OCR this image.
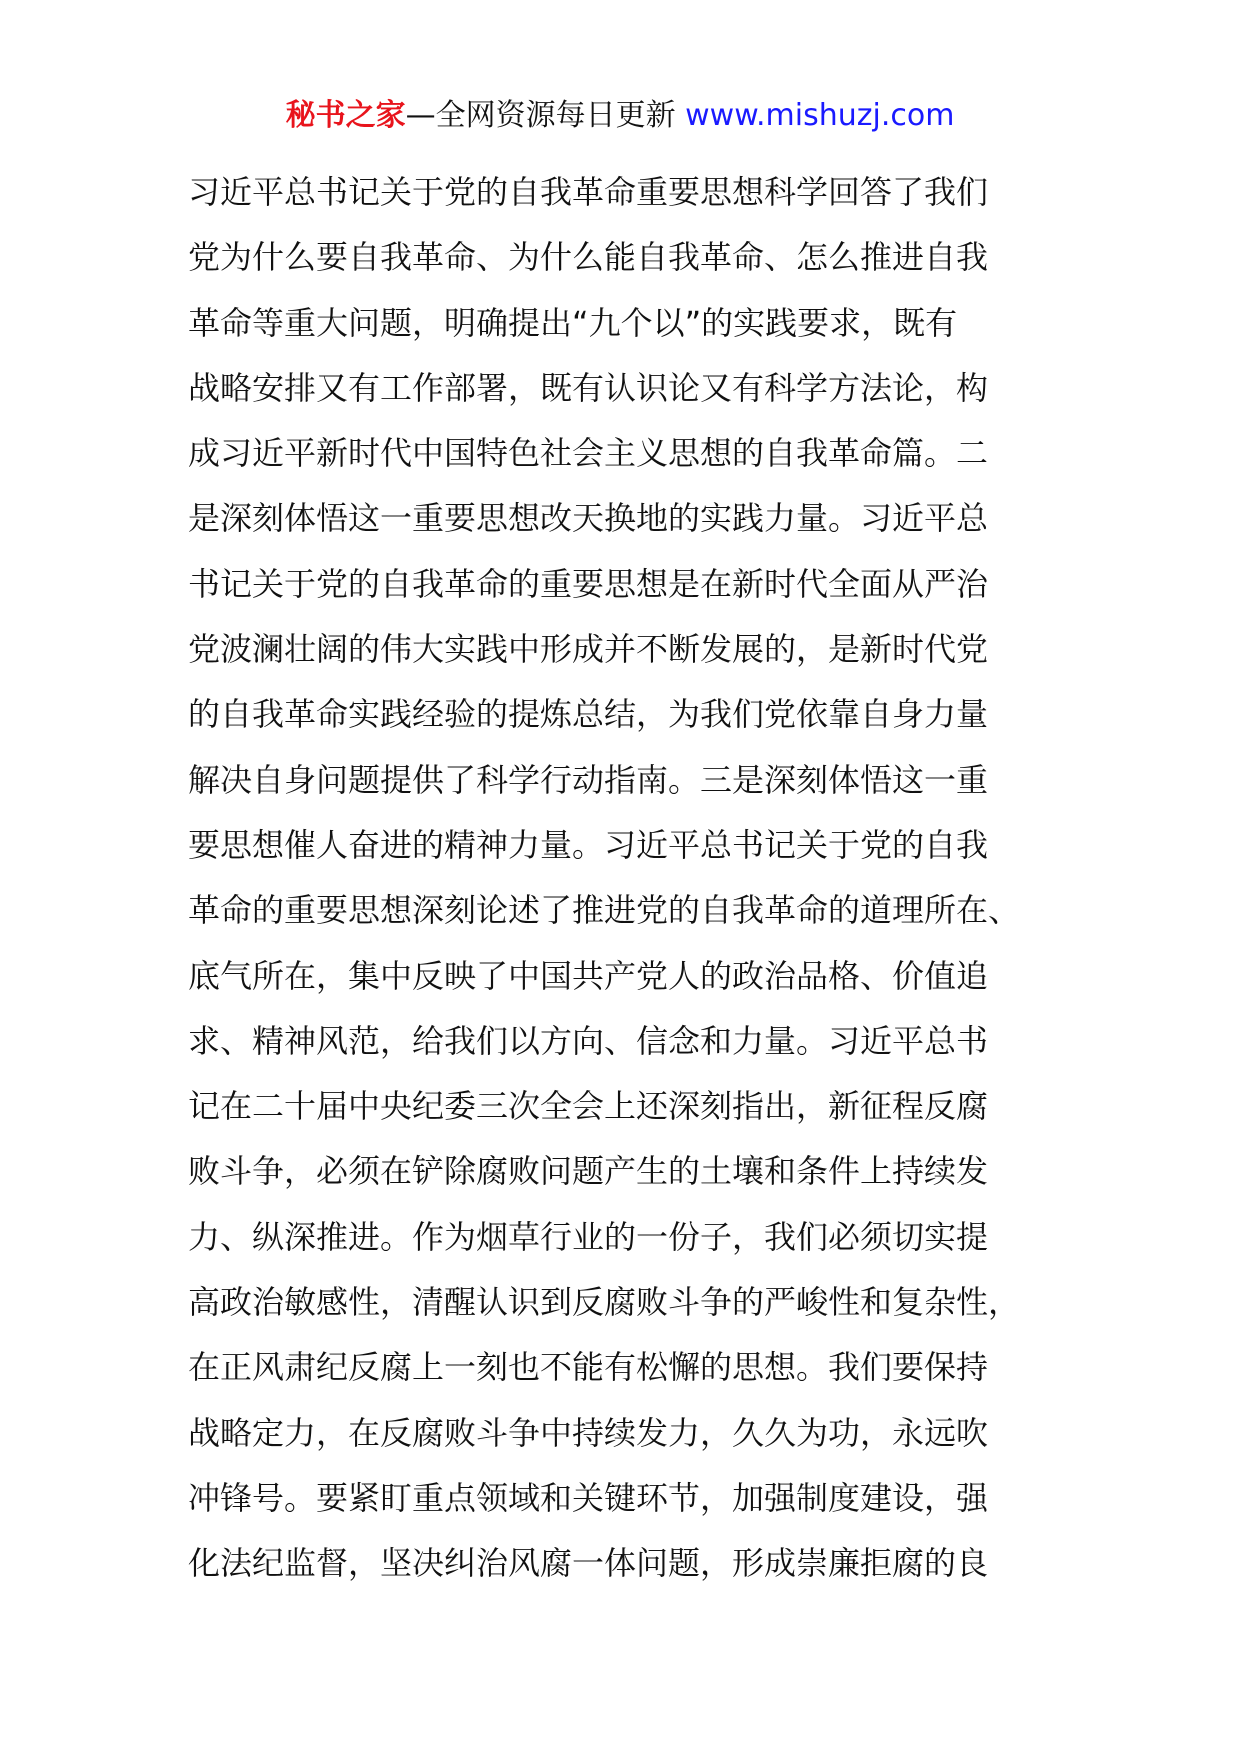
秘书之家—全网资源每日更新 www.mishuzj.com
习近平总书记关于党的自我革命重要思想科学回答了我们
党为什么要自我革命、为什么能自我革命、怎么推进自我
革命等重大问题，明确提出“九个以”的实践要求，既有
战略安排又有工作部署，既有认识论又有科学方法论，构
成习近平新时代中国特色社会主义思想的自我革命篇。二
是深刻体悟这一重要思想改天换地的实践力量。习近平总
书记关于党的自我革命的重要思想是在新时代全面从严治
党波澜壮阔的伟大实践中形成并不断发展的，是新时代党
的自我革命实践经验的提炼总结，为我们党依靠自身力量
解决自身问题提供了科学行动指南。三是深刻体悟这一重
要思想催人奋进的精神力量。习近平总书记关于党的自我
革命的重要思想深刻论述了推进党的自我革命的道理所在、
底气所在，集中反映了中国共产党人的政治品格、价值追
求、精神风范，给我们以方向、信念和力量。习近平总书
记在二十届中央纪委三次全会上还深刻指出，新征程反腐
败斗争，必须在铲除腐败问题产生的土壤和条件上持续发
力、纵深推进。作为烟草行业的一份子，我们必须切实提
高政治敏感性，清醒认识到反腐败斗争的严峻性和复杂性，
在正风肃纪反腐上一刻也不能有松懈的思想。我们要保持
战略定力，在反腐败斗争中持续发力，久久为功，永远吹
冲锋号。要紧盯重点领域和关键环节，加强制度建设，强
化法纪监督，坚决纠治风腐一体问题，形成崇廉拒腐的良
